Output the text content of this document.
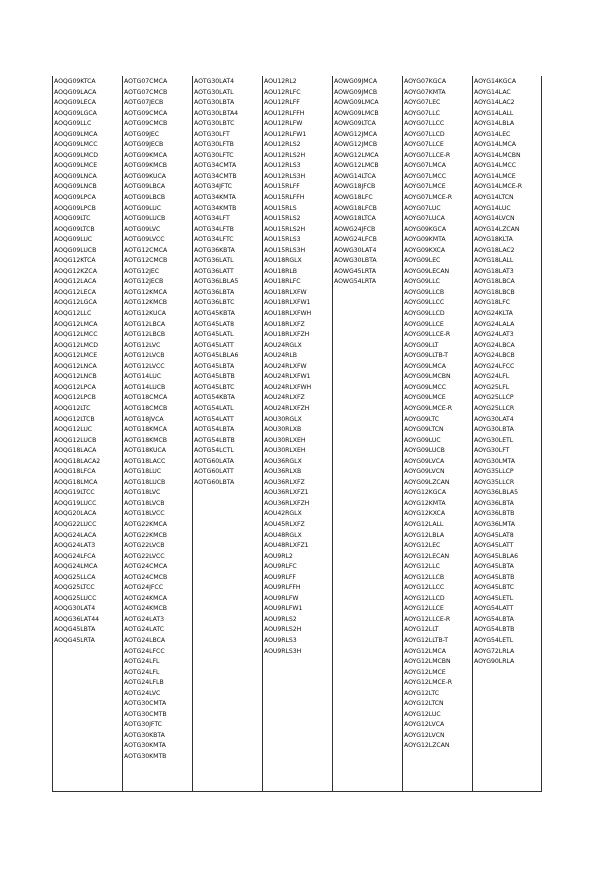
AOQG09KTCA
AOQG09LACA
AOQG09LECA
AOQG09LGCA
AOQG09LLC
AOQG09LMCA
AOQG09LMCC
AOQG09LMCD
AOQG09LMCE
AOQG09LNCA
AOQG09LNCB
AOQG09LPCA
AOQG09LPCB
AOQG09LTC
AOQG09LTCB
AOQG09LUC
AOQG09LUCB
AOQG12KTCA
AOQG12KZCA
AOQG12LACA
AOQG12LECA
AOQG12LGCA
AOQG12LLC
AOQG12LMCA
AOQG12LMCC
AOQG12LMCD
AOQG12LMCE
AOQG12LNCA
AOQG12LNCB
AOQG12LPCA
AOQG12LPCB
AOQG12LTC
AOQG12LTCB
AOQG12LUC
AOQG12LUCB
AOQG18LACA
AOQG18LACA2
AOQG18LFCA
AOQG18LMCA
AOQG19LTCC
AOQG19LUCC
AOQG20LACA
AOQG22LUCC
AOQG24LACA
AOQG24LAT3
AOQG24LFCA
AOQG24LMCA
AOQG25LLCA
AOQG25LTCC
AOQG25LUCC
AOQG30LAT4
AOQG36LAT44
AOQG45LBTA
AOQG45LRTA
AOTG07CMCA
AOTG07CMCB
AOTG07JECB
AOTG09CMCA
AOTG09CMCB
AOTG09JEC
AOTG09JECB
AOTG09KMCA
AOTG09KMCB
AOTG09KUCA
AOTG09LBCA
AOTG09LBCB
AOTG09LUC
AOTG09LUCB
AOTG09LVC
AOTG09LVCC
AOTG12CMCA
AOTG12CMCB
AOTG12JEC
AOTG12JECB
AOTG12KMCA
AOTG12KMCB
AOTG12KUCA
AOTG12LBCA
AOTG12LBCB
AOTG12LVC
AOTG12LVCB
AOTG12LVCC
AOTG14LUC
AOTG14LUCB
AOTG18CMCA
AOTG18CMCB
AOTG18JVCA
AOTG18KMCA
AOTG18KMCB
AOTG18KUCA
AOTG18LACC
AOTG18LUC
AOTG18LUCB
AOTG18LVC
AOTG18LVCB
AOTG18LVCC
AOTG22KMCA
AOTG22KMCB
AOTG22LVCB
AOTG22LVCC
AOTG24CMCA
AOTG24CMCB
AOTG24JFCC
AOTG24KMCA
AOTG24KMCB
AOTG24LAT3
AOTG24LATC
AOTG24LBCA
AOTG24LFCC
AOTG24LFL
AOTG24LFL
AOTG24LFLB
AOTG24LVC
AOTG30CMTA
AOTG30CMTB
AOTG30JFTC
AOTG30KBTA
AOTG30KMTA
AOTG30KMTB
AOTG30LAT4
AOTG30LATL
AOTG30LBTA
AOTG30LBTA4
AOTG30LBTC
AOTG30LFT
AOTG30LFTB
AOTG30LFTC
AOTG34CMTA
AOTG34CMTB
AOTG34JFTC
AOTG34KMTA
AOTG34KMTB
AOTG34LFT
AOTG34LFTB
AOTG34LFTC
AOTG36KBTA
AOTG36LATL
AOTG36LATT
AOTG36LBLA5
AOTG36LBTA
AOTG36LBTC
AOTG45KBTA
AOTG45LAT8
AOTG45LATL
AOTG45LATT
AOTG45LBLA6
AOTG45LBTA
AOTG45LBTB
AOTG45LBTC
AOTG54KBTA
AOTG54LATL
AOTG54LATT
AOTG54LBTA
AOTG54LBTB
AOTG54LCTL
AOTG60LATA
AOTG60LATT
AOTG60LBTA
AOU12RL2
AOU12RLFC
AOU12RLFF
AOU12RLFFH
AOU12RLFW
AOU12RLFW1
AOU12RLS2
AOU12RLS2H
AOU12RLS3
AOU12RLS3H
AOU15RLFF
AOU15RLFFH
AOU15RLS
AOU15RLS2
AOU15RLS2H
AOU15RLS3
AOU15RLS3H
AOU18RGLX
AOU18RLB
AOU18RLFC
AOU18RLXFW
AOU18RLXFW1
AOU18RLXFWH
AOU18RLXFZ
AOU18RLXFZH
AOU24RGLX
AOU24RLB
AOU24RLXFW
AOU24RLXFW1
AOU24RLXFWH
AOU24RLXFZ
AOU24RLXFZH
AOU30RGLX
AOU30RLXB
AOU30RLXEH
AOU30RLXEH
AOU36RGLX
AOU36RLXB
AOU36RLXFZ
AOU36RLXFZ1
AOU36RLXFZH
AOU42RGLX
AOU45RLXFZ
AOU48RGLX
AOU48RLXFZ1
AOU9RL2
AOU9RLFC
AOU9RLFF
AOU9RLFFH
AOU9RLFW
AOU9RLFW1
AOU9RLS2
AOU9RLS2H
AOU9RLS3
AOU9RLS3H
AOWG09JMCA
AOWG09JMCB
AOWG09LMCA
AOWG09LMCB
AOWG09LTCA
AOWG12JMCA
AOWG12JMCB
AOWG12LMCA
AOWG12LMCB
AOWG14LTCA
AOWG18JFCB
AOWG18LFC
AOWG18LFCB
AOWG18LTCA
AOWG24JFCB
AOWG24LFCB
AOWG30LAT4
AOWG30LBTA
AOWG45LRTA
AOWG54LRTA
AOYG07KGCA
AOYG07KMTA
AOYG07LEC
AOYG07LLC
AOYG07LLCC
AOYG07LLCD
AOYG07LLCE
AOYG07LLCE-R
AOYG07LMCA
AOYG07LMCC
AOYG07LMCE
AOYG07LMCE-R
AOYG07LUC
AOYG07LUCA
AOYG09KGCA
AOYG09KMTA
AOYG09KXCA
AOYG09LEC
AOYG09LECAN
AOYG09LLC
AOYG09LLCB
AOYG09LLCC
AOYG09LLCD
AOYG09LLCE
AOYG09LLCE-R
AOYG09LLT
AOYG09LLTB-T
AOYG09LMCA
AOYG09LMCBN
AOYG09LMCC
AOYG09LMCE
AOYG09LMCE-R
AOYG09LTC
AOYG09LTCN
AOYG09LUC
AOYG09LUCB
AOYG09LVCA
AOYG09LVCN
AOYG09LZCAN
AOYG12KGCA
AOYG12KMTA
AOYG12KXCA
AOYG12LALL
AOYG12LBLA
AOYG12LEC
AOYG12LECAN
AOYG12LLC
AOYG12LLCB
AOYG12LLCC
AOYG12LLCD
AOYG12LLCE
AOYG12LLCE-R
AOYG12LLT
AOYG12LLTB-T
AOYG12LMCA
AOYG12LMCBN
AOYG12LMCE
AOYG12LMCE-R
AOYG12LTC
AOYG12LTCN
AOYG12LUC
AOYG12LVCA
AOYG12LVCN
AOYG12LZCAN
AOYG14KGCA
AOYG14LAC
AOYG14LAC2
AOYG14LALL
AOYG14LBLA
AOYG14LEC
AOYG14LMCA
AOYG14LMCBN
AOYG14LMCC
AOYG14LMCE
AOYG14LMCE-R
AOYG14LTCN
AOYG14LUC
AOYG14LVCN
AOYG14LZCAN
AOYG18KLTA
AOYG18LAC2
AOYG18LALL
AOYG18LAT3
AOYG18LBCA
AOYG18LBCB
AOYG18LFC
AOYG24KLTA
AOYG24LALA
AOYG24LAT3
AOYG24LBCA
AOYG24LBCB
AOYG24LFCC
AOYG24LFL
AOYG25LFL
AOYG25LLCP
AOYG25LLCR
AOYG30LAT4
AOYG30LBTA
AOYG30LETL
AOYG30LFT
AOYG30LMTA
AOYG35LLCP
AOYG35LLCR
AOYG36LBLA5
AOYG36LBTA
AOYG36LBTB
AOYG36LMTA
AOYG45LAT8
AOYG45LATT
AOYG45LBLA6
AOYG45LBTA
AOYG45LBTB
AOYG45LBTC
AOYG45LETL
AOYG54LATT
AOYG54LBTA
AOYG54LBTB
AOYG54LETL
AOYG72LRLA
AOYG90LRLA
